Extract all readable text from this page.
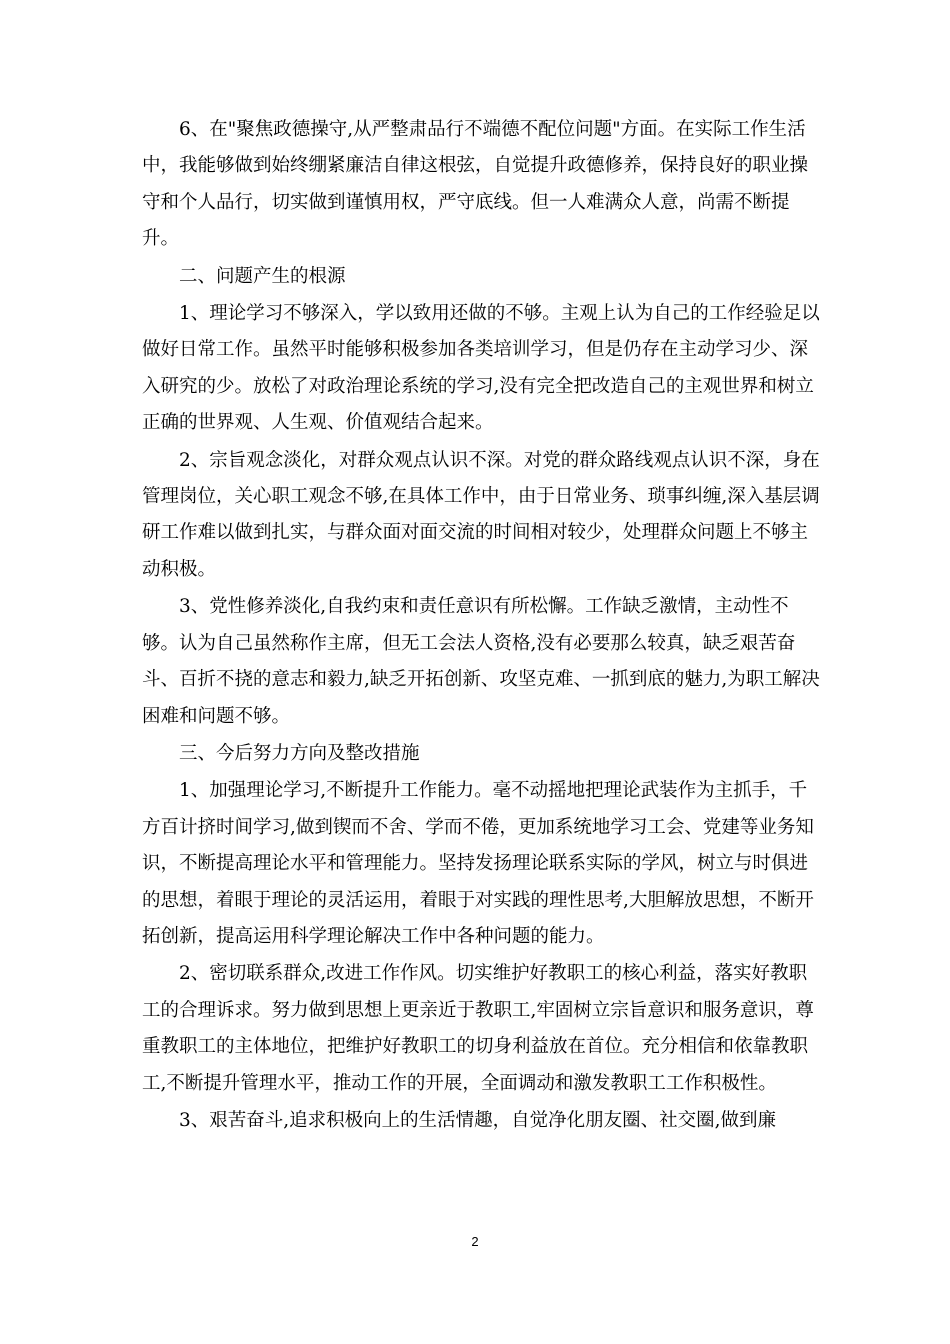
6、在"聚焦政德操守,从严整肃品行不端德不配位问题"方面。在实际工作生活中，我能够做到始终绷紧廉洁自律这根弦，自觉提升政德修养，保持良好的职业操守和个人品行，切实做到谨慎用权，严守底线。但一人难满众人意，尚需不断提升。

二、问题产生的根源

1、理论学习不够深入，学以致用还做的不够。主观上认为自己的工作经验足以做好日常工作。虽然平时能够积极参加各类培训学习，但是仍存在主动学习少、深入研究的少。放松了对政治理论系统的学习,没有完全把改造自己的主观世界和树立正确的世界观、人生观、价值观结合起来。

2、宗旨观念淡化，对群众观点认识不深。对党的群众路线观点认识不深，身在管理岗位，关心职工观念不够,在具体工作中，由于日常业务、琐事纠缠,深入基层调研工作难以做到扎实，与群众面对面交流的时间相对较少，处理群众问题上不够主动积极。

3、党性修养淡化,自我约束和责任意识有所松懈。工作缺乏激情，主动性不够。认为自己虽然称作主席，但无工会法人资格,没有必要那么较真，缺乏艰苦奋斗、百折不挠的意志和毅力,缺乏开拓创新、攻坚克难、一抓到底的魅力,为职工解决困难和问题不够。

三、今后努力方向及整改措施

1、加强理论学习,不断提升工作能力。毫不动摇地把理论武装作为主抓手，千方百计挤时间学习,做到锲而不舍、学而不倦，更加系统地学习工会、党建等业务知识，不断提高理论水平和管理能力。坚持发扬理论联系实际的学风，树立与时俱进的思想，着眼于理论的灵活运用，着眼于对实践的理性思考,大胆解放思想，不断开拓创新，提高运用科学理论解决工作中各种问题的能力。

2、密切联系群众,改进工作作风。切实维护好教职工的核心利益，落实好教职工的合理诉求。努力做到思想上更亲近于教职工,牢固树立宗旨意识和服务意识，尊重教职工的主体地位，把维护好教职工的切身利益放在首位。充分相信和依靠教职工,不断提升管理水平，推动工作的开展，全面调动和激发教职工工作积极性。

3、艰苦奋斗,追求积极向上的生活情趣，自觉净化朋友圈、社交圈,做到廉

2
